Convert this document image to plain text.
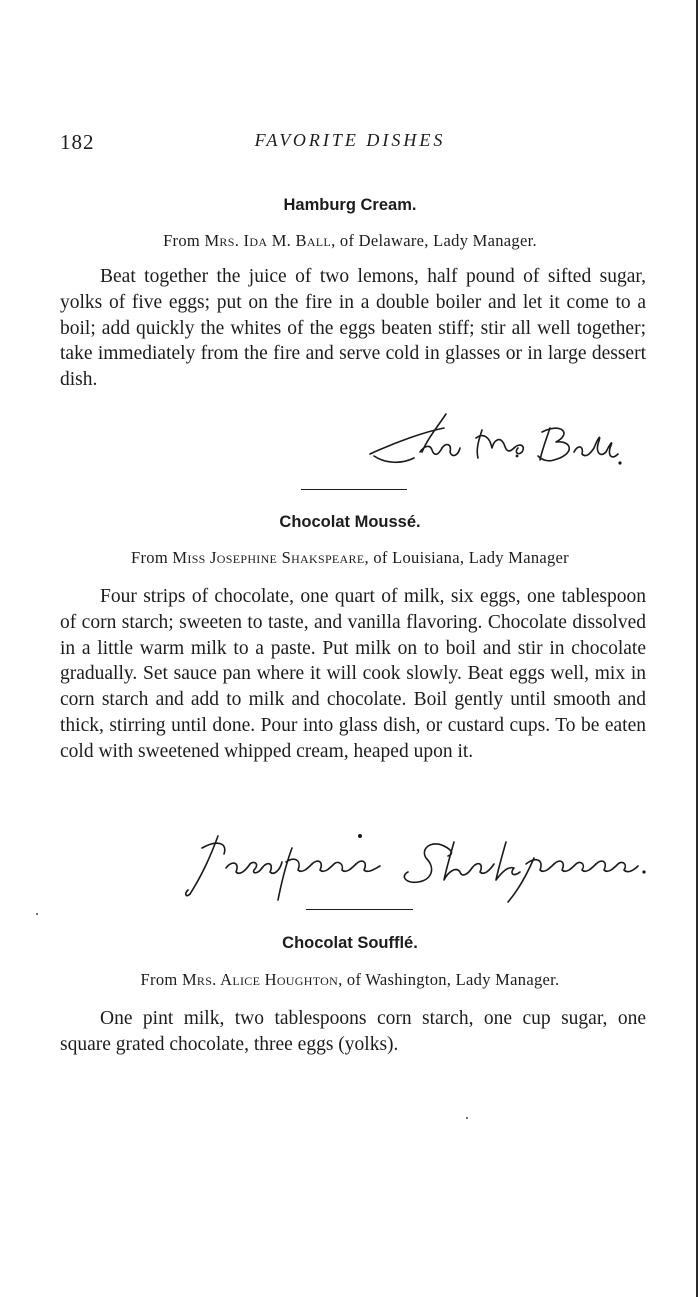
182	FAVORITE DISHES
Hamburg Cream.
From Mrs. Ida M. Ball, of Delaware, Lady Manager.

Beat together the juice of two lemons, half pound of sifted sugar, yolks of five eggs; put on the fire in a double boiler and let it come to a boil; add quickly the whites of the eggs beaten stiff; stir all well together; take immediately from the fire and serve cold in glasses or in large dessert dish.

Chocolat Moussé.
From Miss Josephine Shakspeare, of Louisiana, Lady Manager

Four strips of chocolate, one quart of milk, six eggs, one tablespoon of corn starch; sweeten to taste, and vanilla flavoring. Chocolate dissolved in a little warm milk to a paste. Put milk on to boil and stir in chocolate gradually. Set sauce pan where it will cook slowly. Beat eggs well, mix in corn starch and add to milk and chocolate. Boil gently until smooth and thick, stirring until done. Pour into glass dish, or custard cups. To be eaten cold with sweetened whipped cream, heaped upon it.

Chocolat Soufflé.
From Mrs. Alice Houghton, of Washington, Lady Manager.

One pint milk, two tablespoons corn starch, one cup sugar, one square grated chocolate, three eggs (yolks).
